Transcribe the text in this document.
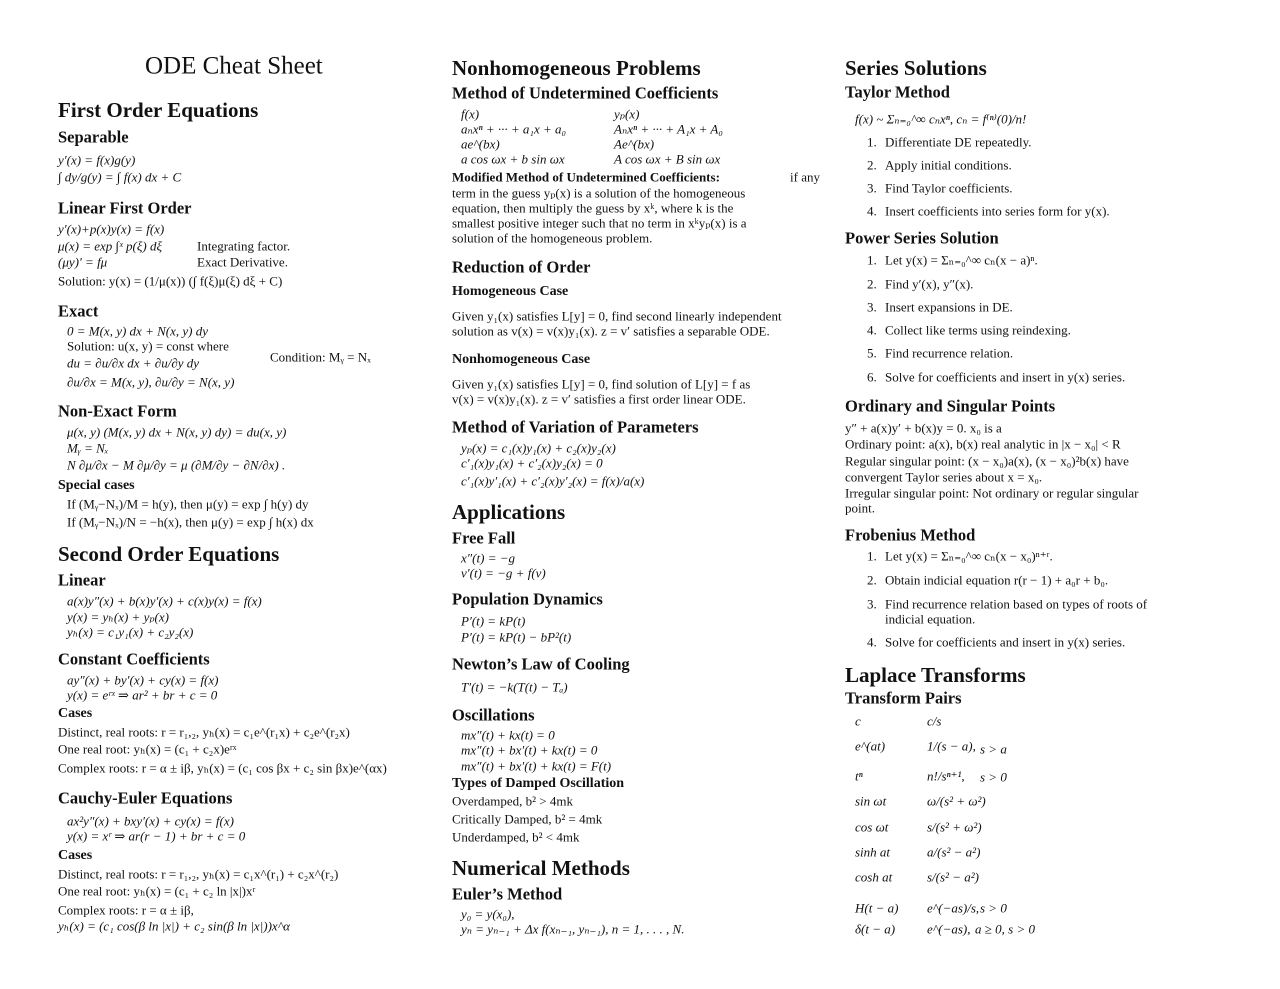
ODE Cheat Sheet
First Order Equations
Separable
y′(x) = f(x)g(y)
∫ dy/g(y) = ∫ f(x) dx + C
Linear First Order
y′(x)+p(x)y(x) = f(x)
μ(x) = exp ∫ˣ p(ξ) dξ	Integrating factor.
(μy)′ = fμ	Exact Derivative.
Solution: y(x) = (1/μ(x)) (∫ f(ξ)μ(ξ) dξ + C)
Exact
0 = M(x, y) dx + N(x, y) dy
Solution: u(x, y) = const where
du = ∂u/∂x dx + ∂u/∂y dy	Condition: Mᵧ = Nₓ
∂u/∂x = M(x, y), ∂u/∂y = N(x, y)
Non-Exact Form
μ(x, y) (M(x, y) dx + N(x, y) dy) = du(x, y)
Mᵧ = Nₓ
N ∂μ/∂x − M ∂μ/∂y = μ (∂M/∂y − ∂N/∂x) .
Special cases
If (Mᵧ−Nₓ)/M = h(y), then μ(y) = exp ∫ h(y) dy
If (Mᵧ−Nₓ)/N = −h(x), then μ(y) = exp ∫ h(x) dx
Second Order Equations
Linear
a(x)y″(x) + b(x)y′(x) + c(x)y(x) = f(x)
y(x) = yₕ(x) + yₚ(x)
yₕ(x) = c₁y₁(x) + c₂y₂(x)
Constant Coefficients
ay″(x) + by′(x) + cy(x) = f(x)
y(x) = eʳˣ ⇒ ar² + br + c = 0
Cases
Distinct, real roots: r = r₁,₂, yₕ(x) = c₁e^(r₁x) + c₂e^(r₂x)
One real root: yₕ(x) = (c₁ + c₂x)eʳˣ
Complex roots: r = α ± iβ, yₕ(x) = (c₁ cos βx + c₂ sin βx)e^(αx)
Cauchy-Euler Equations
ax²y″(x) + bxy′(x) + cy(x) = f(x)
y(x) = xʳ ⇒ ar(r − 1) + br + c = 0
Cases
Distinct, real roots: r = r₁,₂, yₕ(x) = c₁x^(r₁) + c₂x^(r₂)
One real root: yₕ(x) = (c₁ + c₂ ln |x|)xʳ
Complex roots: r = α ± iβ,
yₕ(x) = (c₁ cos(β ln |x|) + c₂ sin(β ln |x|))x^α
Nonhomogeneous Problems
Method of Undetermined Coefficients
f(x)	yₚ(x)
aₙxⁿ + ··· + a₁x + a₀	Aₙxⁿ + ··· + A₁x + A₀
ae^(bx)	Ae^(bx)
a cos ωx + b sin ωx	A cos ωx + B sin ωx
Modified Method of Undetermined Coefficients:	if any
term in the guess yₚ(x) is a solution of the homogeneous
equation, then multiply the guess by xᵏ, where k is the
smallest positive integer such that no term in xᵏyₚ(x) is a
solution of the homogeneous problem.
Reduction of Order
Homogeneous Case
Given y₁(x) satisfies L[y] = 0, find second linearly independent
solution as v(x) = v(x)y₁(x). z = v′ satisfies a separable ODE.
Nonhomogeneous Case
Given y₁(x) satisfies L[y] = 0, find solution of L[y] = f as
v(x) = v(x)y₁(x). z = v′ satisfies a first order linear ODE.
Method of Variation of Parameters
yₚ(x) = c₁(x)y₁(x) + c₂(x)y₂(x)
c′₁(x)y₁(x) + c′₂(x)y₂(x) = 0
c′₁(x)y′₁(x) + c′₂(x)y′₂(x) = f(x)/a(x)
Applications
Free Fall
x″(t) = −g
v′(t) = −g + f(v)
Population Dynamics
P′(t) = kP(t)
P′(t) = kP(t) − bP²(t)
Newton’s Law of Cooling
T′(t) = −k(T(t) − Tₐ)
Oscillations
mx″(t) + kx(t) = 0
mx″(t) + bx′(t) + kx(t) = 0
mx″(t) + bx′(t) + kx(t) = F(t)
Types of Damped Oscillation
Overdamped, b² > 4mk
Critically Damped, b² = 4mk
Underdamped, b² < 4mk
Numerical Methods
Euler’s Method
y₀ = y(x₀),
yₙ = yₙ₋₁ + Δx f(xₙ₋₁, yₙ₋₁), n = 1, . . . , N.
Series Solutions
Taylor Method
f(x) ~ Σₙ₌₀^∞ cₙxⁿ, cₙ = f⁽ⁿ⁾(0)/n!
1. Differentiate DE repeatedly.
2. Apply initial conditions.
3. Find Taylor coefficients.
4. Insert coefficients into series form for y(x).
Power Series Solution
1. Let y(x) = Σₙ₌₀^∞ cₙ(x − a)ⁿ.
2. Find y′(x), y″(x).
3. Insert expansions in DE.
4. Collect like terms using reindexing.
5. Find recurrence relation.
6. Solve for coefficients and insert in y(x) series.
Ordinary and Singular Points
y″ + a(x)y′ + b(x)y = 0. x₀ is a
Ordinary point: a(x), b(x) real analytic in |x − x₀| < R
Regular singular point: (x − x₀)a(x), (x − x₀)²b(x) have
convergent Taylor series about x = x₀.
Irregular singular point: Not ordinary or regular singular
point.
Frobenius Method
1. Let y(x) = Σₙ₌₀^∞ cₙ(x − x₀)ⁿ⁺ʳ.
2. Obtain indicial equation r(r − 1) + a₀r + b₀.
3. Find recurrence relation based on types of roots of
indicial equation.
4. Solve for coefficients and insert in y(x) series.
Laplace Transforms
Transform Pairs
c	c/s
e^(at)	1/(s − a), s > a
tⁿ	n!/sⁿ⁺¹, s > 0
sin ωt	ω/(s² + ω²)
cos ωt	s/(s² + ω²)
sinh at	a/(s² − a²)
cosh at	s/(s² − a²)
H(t − a) e^(−as)/s, s > 0
δ(t − a) e^(−as), a ≥ 0, s > 0
